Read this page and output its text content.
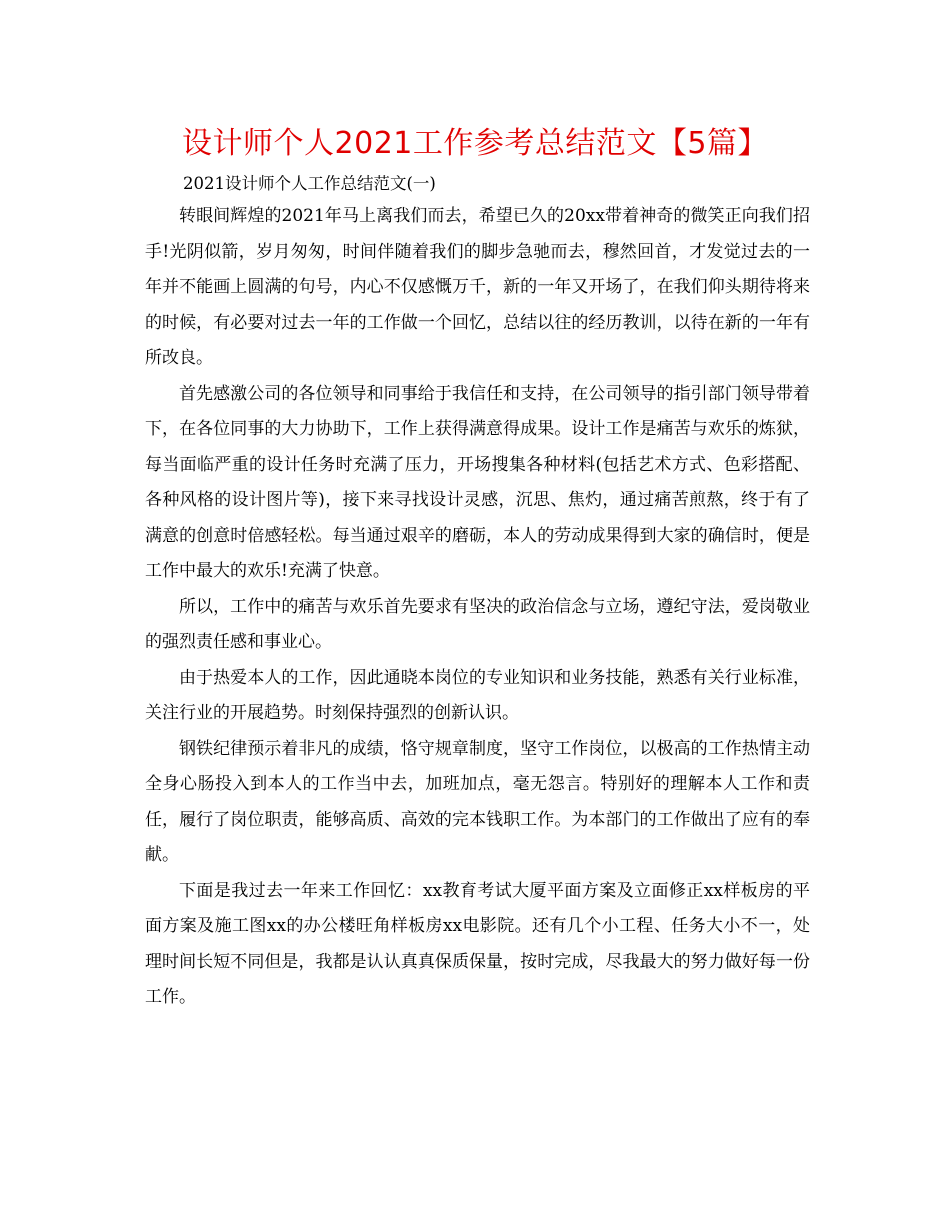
设计师个人2021工作参考总结范文【5篇】

2021设计师个人工作总结范文(一)

转眼间辉煌的2021年马上离我们而去，希望已久的20xx带着神奇的微笑正向我们招手!光阴似箭，岁月匆匆，时间伴随着我们的脚步急驰而去，穆然回首，才发觉过去的一年并不能画上圆满的句号，内心不仅感慨万千，新的一年又开场了，在我们仰头期待将来的时候，有必要对过去一年的工作做一个回忆，总结以往的经历教训，以待在新的一年有所改良。

首先感激公司的各位领导和同事给于我信任和支持，在公司领导的指引部门领导带着下，在各位同事的大力协助下，工作上获得满意得成果。设计工作是痛苦与欢乐的炼狱，每当面临严重的设计任务时充满了压力，开场搜集各种材料(包括艺术方式、色彩搭配、各种风格的设计图片等)，接下来寻找设计灵感，沉思、焦灼，通过痛苦煎熬，终于有了满意的创意时倍感轻松。每当通过艰辛的磨砺，本人的劳动成果得到大家的确信时，便是工作中最大的欢乐!充满了快意。

所以，工作中的痛苦与欢乐首先要求有坚决的政治信念与立场，遵纪守法，爱岗敬业的强烈责任感和事业心。

由于热爱本人的工作，因此通晓本岗位的专业知识和业务技能，熟悉有关行业标准，关注行业的开展趋势。时刻保持强烈的创新认识。

钢铁纪律预示着非凡的成绩，恪守规章制度，坚守工作岗位，以极高的工作热情主动全身心肠投入到本人的工作当中去，加班加点，毫无怨言。特别好的理解本人工作和责任，履行了岗位职责，能够高质、高效的完本钱职工作。为本部门的工作做出了应有的奉献。

下面是我过去一年来工作回忆：xx教育考试大厦平面方案及立面修正xx样板房的平面方案及施工图xx的办公楼旺角样板房xx电影院。还有几个小工程、任务大小不一，处理时间长短不同但是，我都是认认真真保质保量，按时完成，尽我最大的努力做好每一份工作。
